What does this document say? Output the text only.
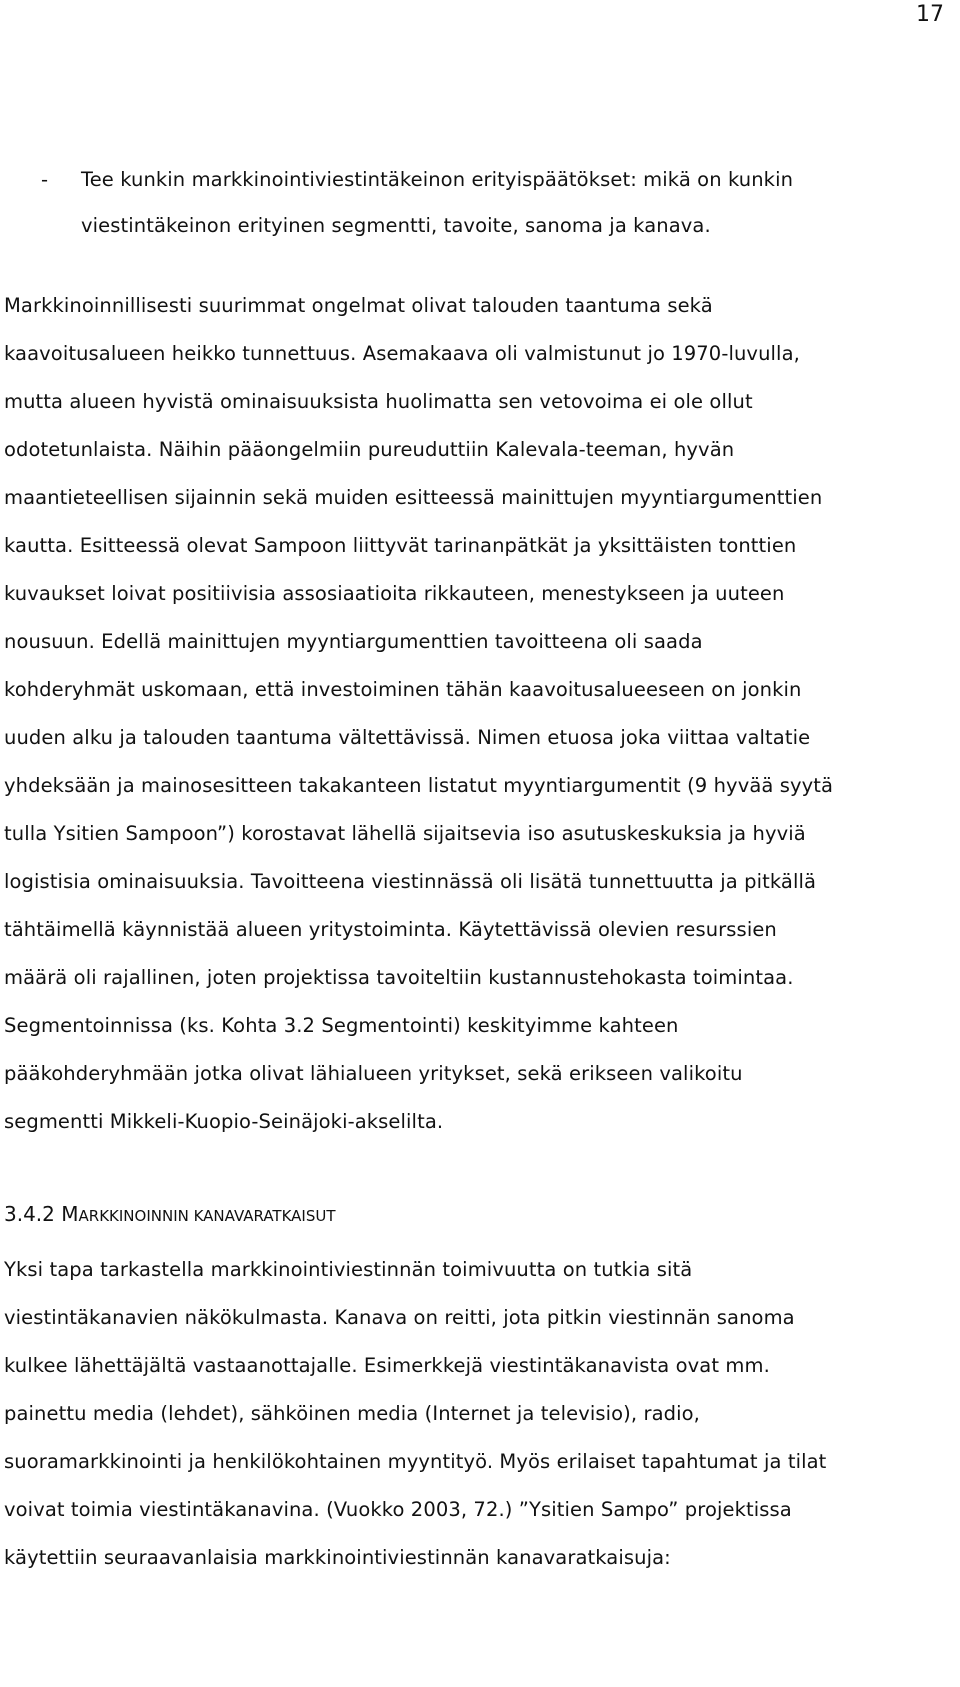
17
- Tee kunkin markkinointiviestintäkeinon erityispäätökset: mikä on kunkin
viestintäkeinon erityinen segmentti, tavoite, sanoma ja kanava.
Markkinoinnillisesti suurimmat ongelmat olivat talouden taantuma sekä
kaavoitusalueen heikko tunnettuus. Asemakaava oli valmistunut jo 1970-luvulla,
mutta alueen hyvistä ominaisuuksista huolimatta sen vetovoima ei ole ollut
odotetunlaista. Näihin pääongelmiin pureuduttiin Kalevala-teeman, hyvän
maantieteellisen sijainnin sekä muiden esitteessä mainittujen myyntiargumenttien
kautta. Esitteessä olevat Sampoon liittyvät tarinanpätkät ja yksittäisten tonttien
kuvaukset loivat positiivisia assosiaatioita rikkauteen, menestykseen ja uuteen
nousuun. Edellä mainittujen myyntiargumenttien tavoitteena oli saada
kohderyhmät uskomaan, että investoiminen tähän kaavoitusalueeseen on jonkin
uuden alku ja talouden taantuma vältettävissä. Nimen etuosa joka viittaa valtatie
yhdeksään ja mainosesitteen takakanteen listatut myyntiargumentit (9 hyvää syytä
tulla Ysitien Sampoon”) korostavat lähellä sijaitsevia iso asutuskeskuksia ja hyviä
logistisia ominaisuuksia. Tavoitteena viestinnässä oli lisätä tunnettuutta ja pitkällä
tähtäimellä käynnistää alueen yritystoiminta. Käytettävissä olevien resurssien
määrä oli rajallinen, joten projektissa tavoiteltiin kustannustehokasta toimintaa.
Segmentoinnissa (ks. Kohta 3.2 Segmentointi) keskityimme kahteen
pääkohderyhmään jotka olivat lähialueen yritykset, sekä erikseen valikoitu
segmentti Mikkeli-Kuopio-Seinäjoki-akselilta.
3.4.2 MARKKINOINNIN KANAVARATKAISUT
Yksi tapa tarkastella markkinointiviestinnän toimivuutta on tutkia sitä
viestintäkanavien näkökulmasta. Kanava on reitti, jota pitkin viestinnän sanoma
kulkee lähettäjältä vastaanottajalle. Esimerkkejä viestintäkanavista ovat mm.
painettu media (lehdet), sähköinen media (Internet ja televisio), radio,
suoramarkkinointi ja henkilökohtainen myyntityö. Myös erilaiset tapahtumat ja tilat
voivat toimia viestintäkanavina. (Vuokko 2003, 72.) ”Ysitien Sampo” projektissa
käytettiin seuraavanlaisia markkinointiviestinnän kanavaratkaisuja:
